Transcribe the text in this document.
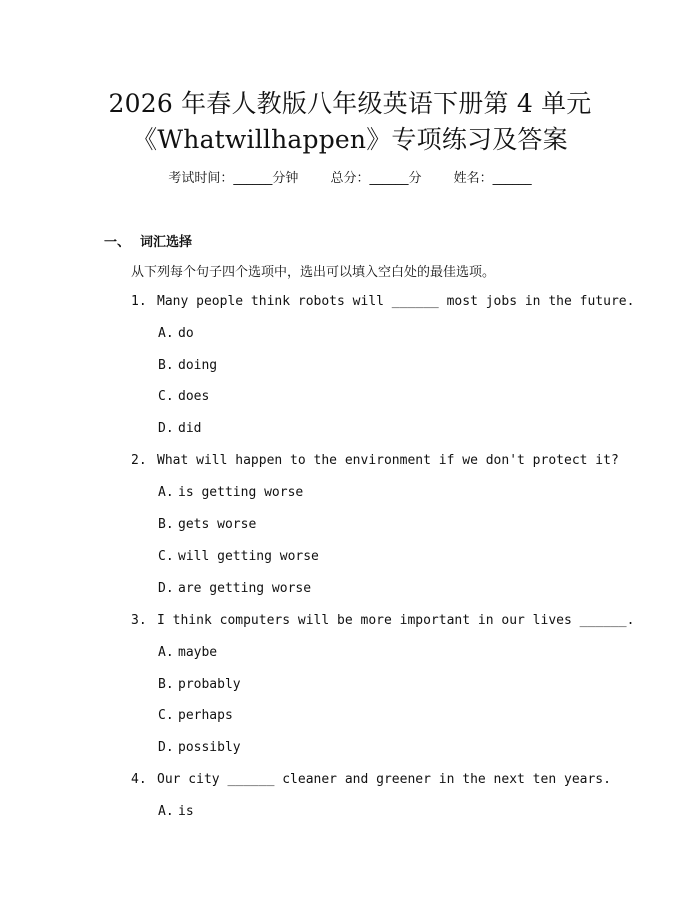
2026 年春人教版八年级英语下册第 4 单元
《Whatwillhappen》专项练习及答案
考试时间：______分钟 总分：______分 姓名：______
一、 词汇选择
从下列每个句子四个选项中，选出可以填入空白处的最佳选项。
1. Many people think robots will ______ most jobs in the future.
A. do
B. doing
C. does
D. did
2. What will happen to the environment if we don't protect it?
A. is getting worse
B. gets worse
C. will getting worse
D. are getting worse
3. I think computers will be more important in our lives ______.
A. maybe
B. probably
C. perhaps
D. possibly
4. Our city ______ cleaner and greener in the next ten years.
A. is
